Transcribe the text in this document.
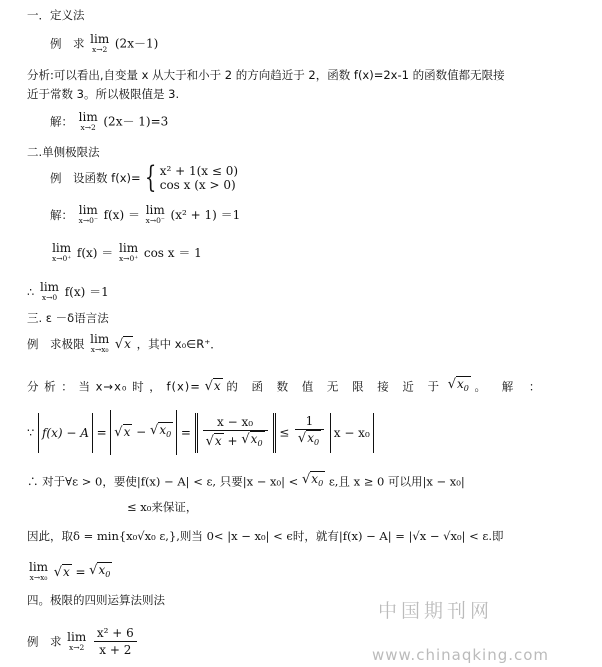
一．定义法
例　求 lim
x→2 (2x－1)
分析:可以看出,自变量 x 从大于和小于 2 的方向趋近于 2，函数 f(x)=2x-1 的函数值都无限接
近于常数 3。所以极限值是 3.
解： lim
x→2 (2x－ 1)=3
二.单侧极限法
例　设函数 f(x)= { x² + 1(x ≤ 0)
cos x (x > 0)
解： lim
x→0⁻ f(x) ＝ lim
x→0⁻ (x² + 1) ＝1
lim
x→0⁺ f(x) ＝ lim
x→0⁺ cos x ＝ 1
∴ lim
x→0 f(x) ＝1
三. ε －δ语言法
例　求极限 lim
x→x₀ √x ，其中 x₀∈R⁺．
分 析 ： 当 x→x₀ 时 ， f(x)= √x 的 函 数 值 无 限 接 近 于 $√x_0$ 。 解 ：
∵ $f(x) - A = √x - √x_0 = \frac{\text{x − x₀}}{√x + √x_0} \le \frac{1}{√x_0}$ x − x₀
∴ 对于∀ε > 0，要使|f(x) − A| < ε, 只要$|x - x_0| < √x_0$ ε,且 x ≥ 0 可以用|x − x₀|
≤ x₀来保证，
因此，取δ = min{x₀√x₀ ε,},则当 0< |x − x₀| < ϵ时，就有|f(x) − A| = |√x − √x₀| < ε.即
lim
x→x₀ $√x = √x_0$
四。极限的四则运算法则法
例　求 lim
x→2
$\frac{\text{x² + 6}}{x + 2}$
中国期刊网
www.chinaqking.com
